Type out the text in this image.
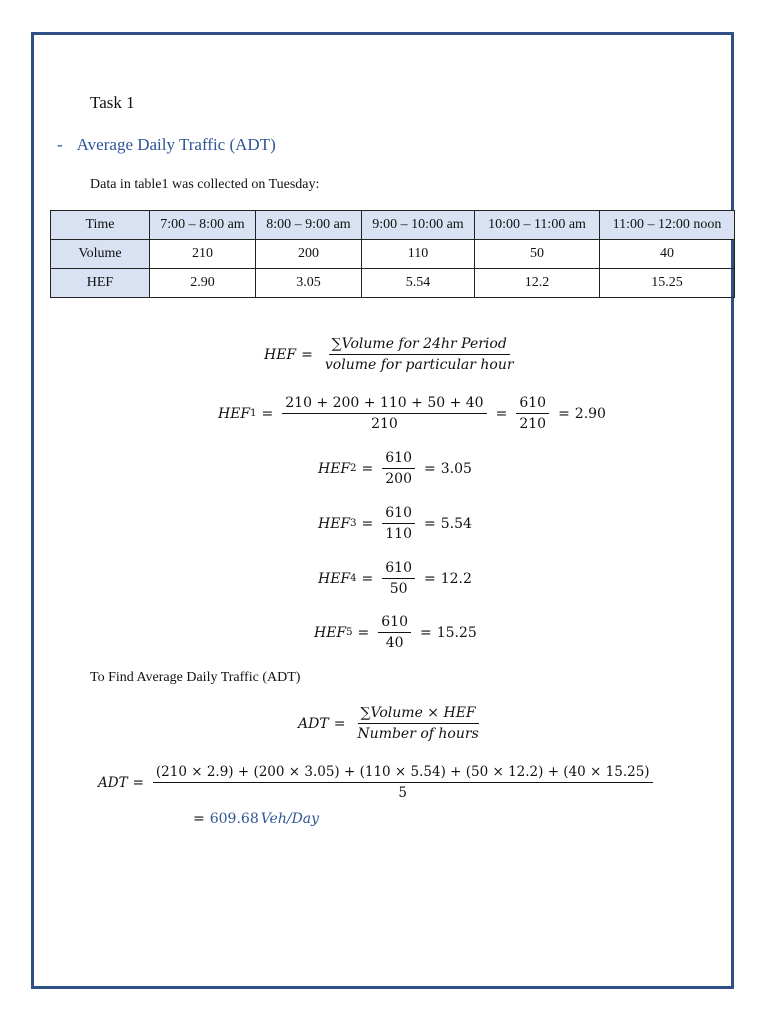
Task 1
- Average Daily Traffic (ADT)
Data in table1 was collected on Tuesday:
Time	7:00 – 8:00 am	8:00 – 9:00 am	9:00 – 10:00 am	10:00 – 11:00 am	11:00 – 12:00 noon
Volume	210	200	110	50	40
HEF	2.90	3.05	5.54	12.2	15.25
HEF = $\frac{\text{∑Volume for 24hr Period}}{\text{volume for particular hour}}$
HEF $1 = \frac{210 + 200 + 110 + 50 + 40}{210} = \frac{610}{210} = 2.90$
HEF $2 = \frac{610}{200} = 3.05$
HEF $3 = \frac{610}{110} = 5.54$
HEF $4 = \frac{610}{50} = 12.2$
HEF $5 = \frac{610}{40} = 15.25$
To Find Average Daily Traffic (ADT)
ADT = $\frac{\text{∑Volume × HEF}}{\text{Number of hours}}$
ADT =
(210 × 2.9) + (200 × 3.05) + (110 × 5.54) + (50 × 12.2) + (40 × 15.25)
5
= 609.68 Veh/Day
